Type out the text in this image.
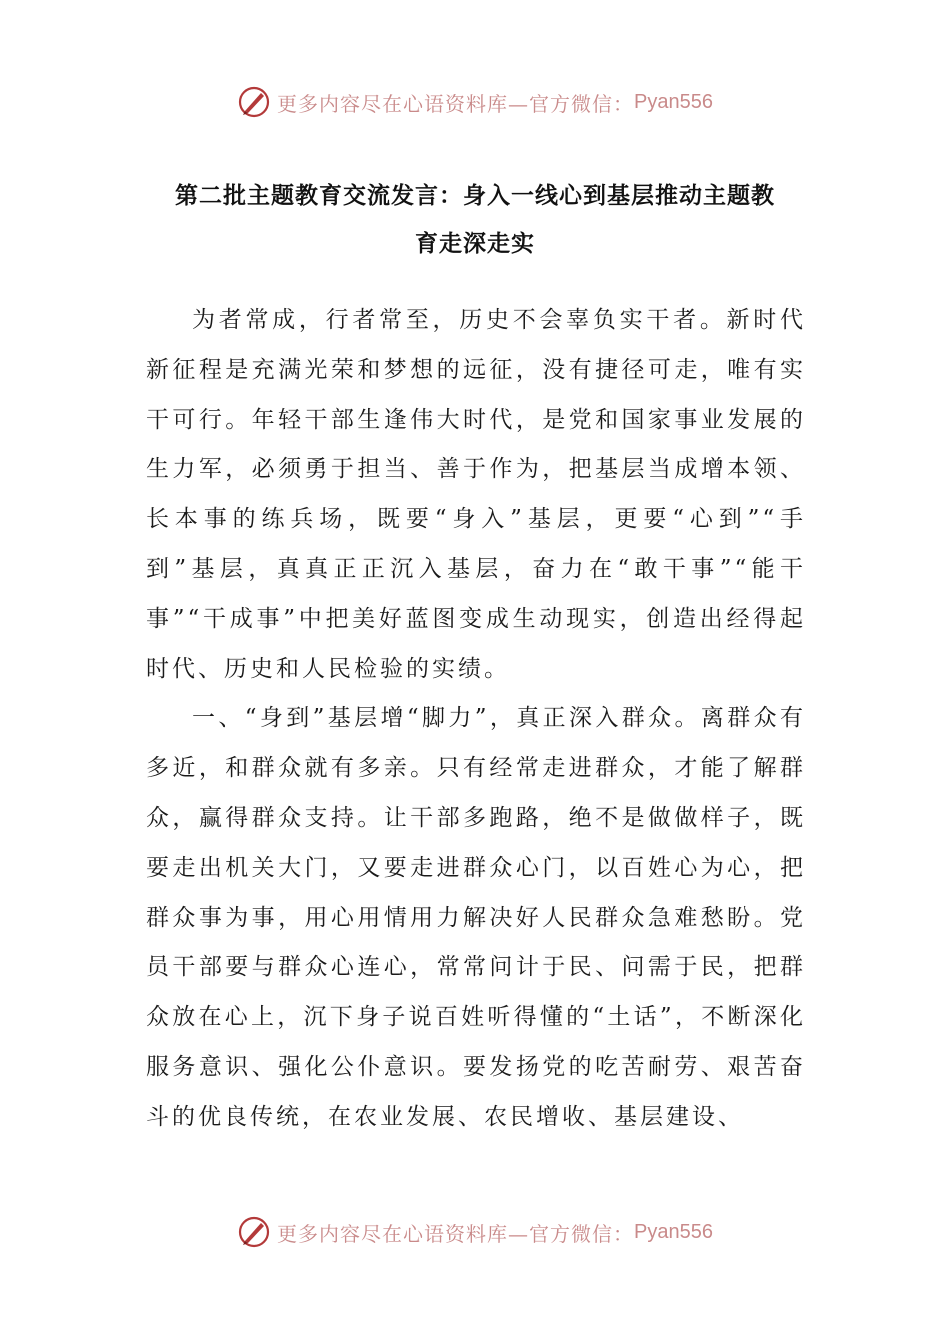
更多内容尽在心语资料库—官方微信： Pyan556
第二批主题教育交流发言：身入一线心到基层推动主题教
育走深走实

为者常成，行者常至，历史不会辜负实干者。新时代新征程是充满光荣和梦想的远征，没有捷径可走，唯有实干可行。年轻干部生逢伟大时代，是党和国家事业发展的生力军，必须勇于担当、善于作为，把基层当成增本领、长本事的练兵场，既要“身入”基层，更要“心到”“手到”基层，真真正正沉入基层，奋力在“敢干事”“能干事”“干成事”中把美好蓝图变成生动现实，创造出经得起时代、历史和人民检验的实绩。

一、“身到”基层增“脚力”，真正深入群众。离群众有多近，和群众就有多亲。只有经常走进群众，才能了解群众，赢得群众支持。让干部多跑路，绝不是做做样子，既要走出机关大门，又要走进群众心门，以百姓心为心，把群众事为事，用心用情用力解决好人民群众急难愁盼。党员干部要与群众心连心，常常问计于民、问需于民，把群众放在心上，沉下身子说百姓听得懂的“土话”，不断深化服务意识、强化公仆意识。要发扬党的吃苦耐劳、艰苦奋斗的优良传统，在农业发展、农民增收、基层建设、

更多内容尽在心语资料库—官方微信： Pyan556
